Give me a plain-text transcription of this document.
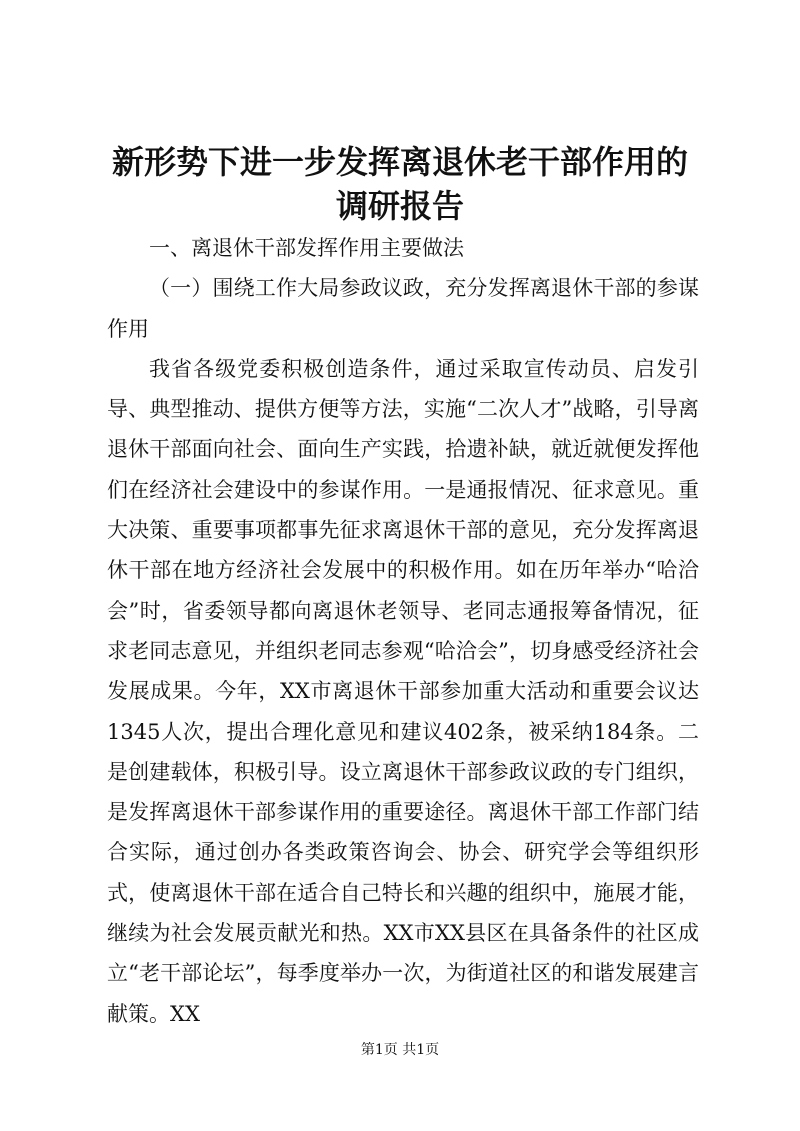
新形势下进一步发挥离退休老干部作用的调研报告

一、离退休干部发挥作用主要做法

（一）围绕工作大局参政议政，充分发挥离退休干部的参谋作用

我省各级党委积极创造条件，通过采取宣传动员、启发引导、典型推动、提供方便等方法，实施“二次人才”战略，引导离退休干部面向社会、面向生产实践，拾遗补缺，就近就便发挥他们在经济社会建设中的参谋作用。一是通报情况、征求意见。重大决策、重要事项都事先征求离退休干部的意见，充分发挥离退休干部在地方经济社会发展中的积极作用。如在历年举办“哈洽会”时，省委领导都向离退休老领导、老同志通报筹备情况，征求老同志意见，并组织老同志参观“哈洽会”，切身感受经济社会发展成果。今年，XX市离退休干部参加重大活动和重要会议达1345人次，提出合理化意见和建议402条，被采纳184条。二是创建载体，积极引导。设立离退休干部参政议政的专门组织，是发挥离退休干部参谋作用的重要途径。离退休干部工作部门结合实际，通过创办各类政策咨询会、协会、研究学会等组织形式，使离退休干部在适合自己特长和兴趣的组织中，施展才能，继续为社会发展贡献光和热。XX市XX县区在具备条件的社区成立“老干部论坛”，每季度举办一次，为街道社区的和谐发展建言献策。XX

第1页 共1页
